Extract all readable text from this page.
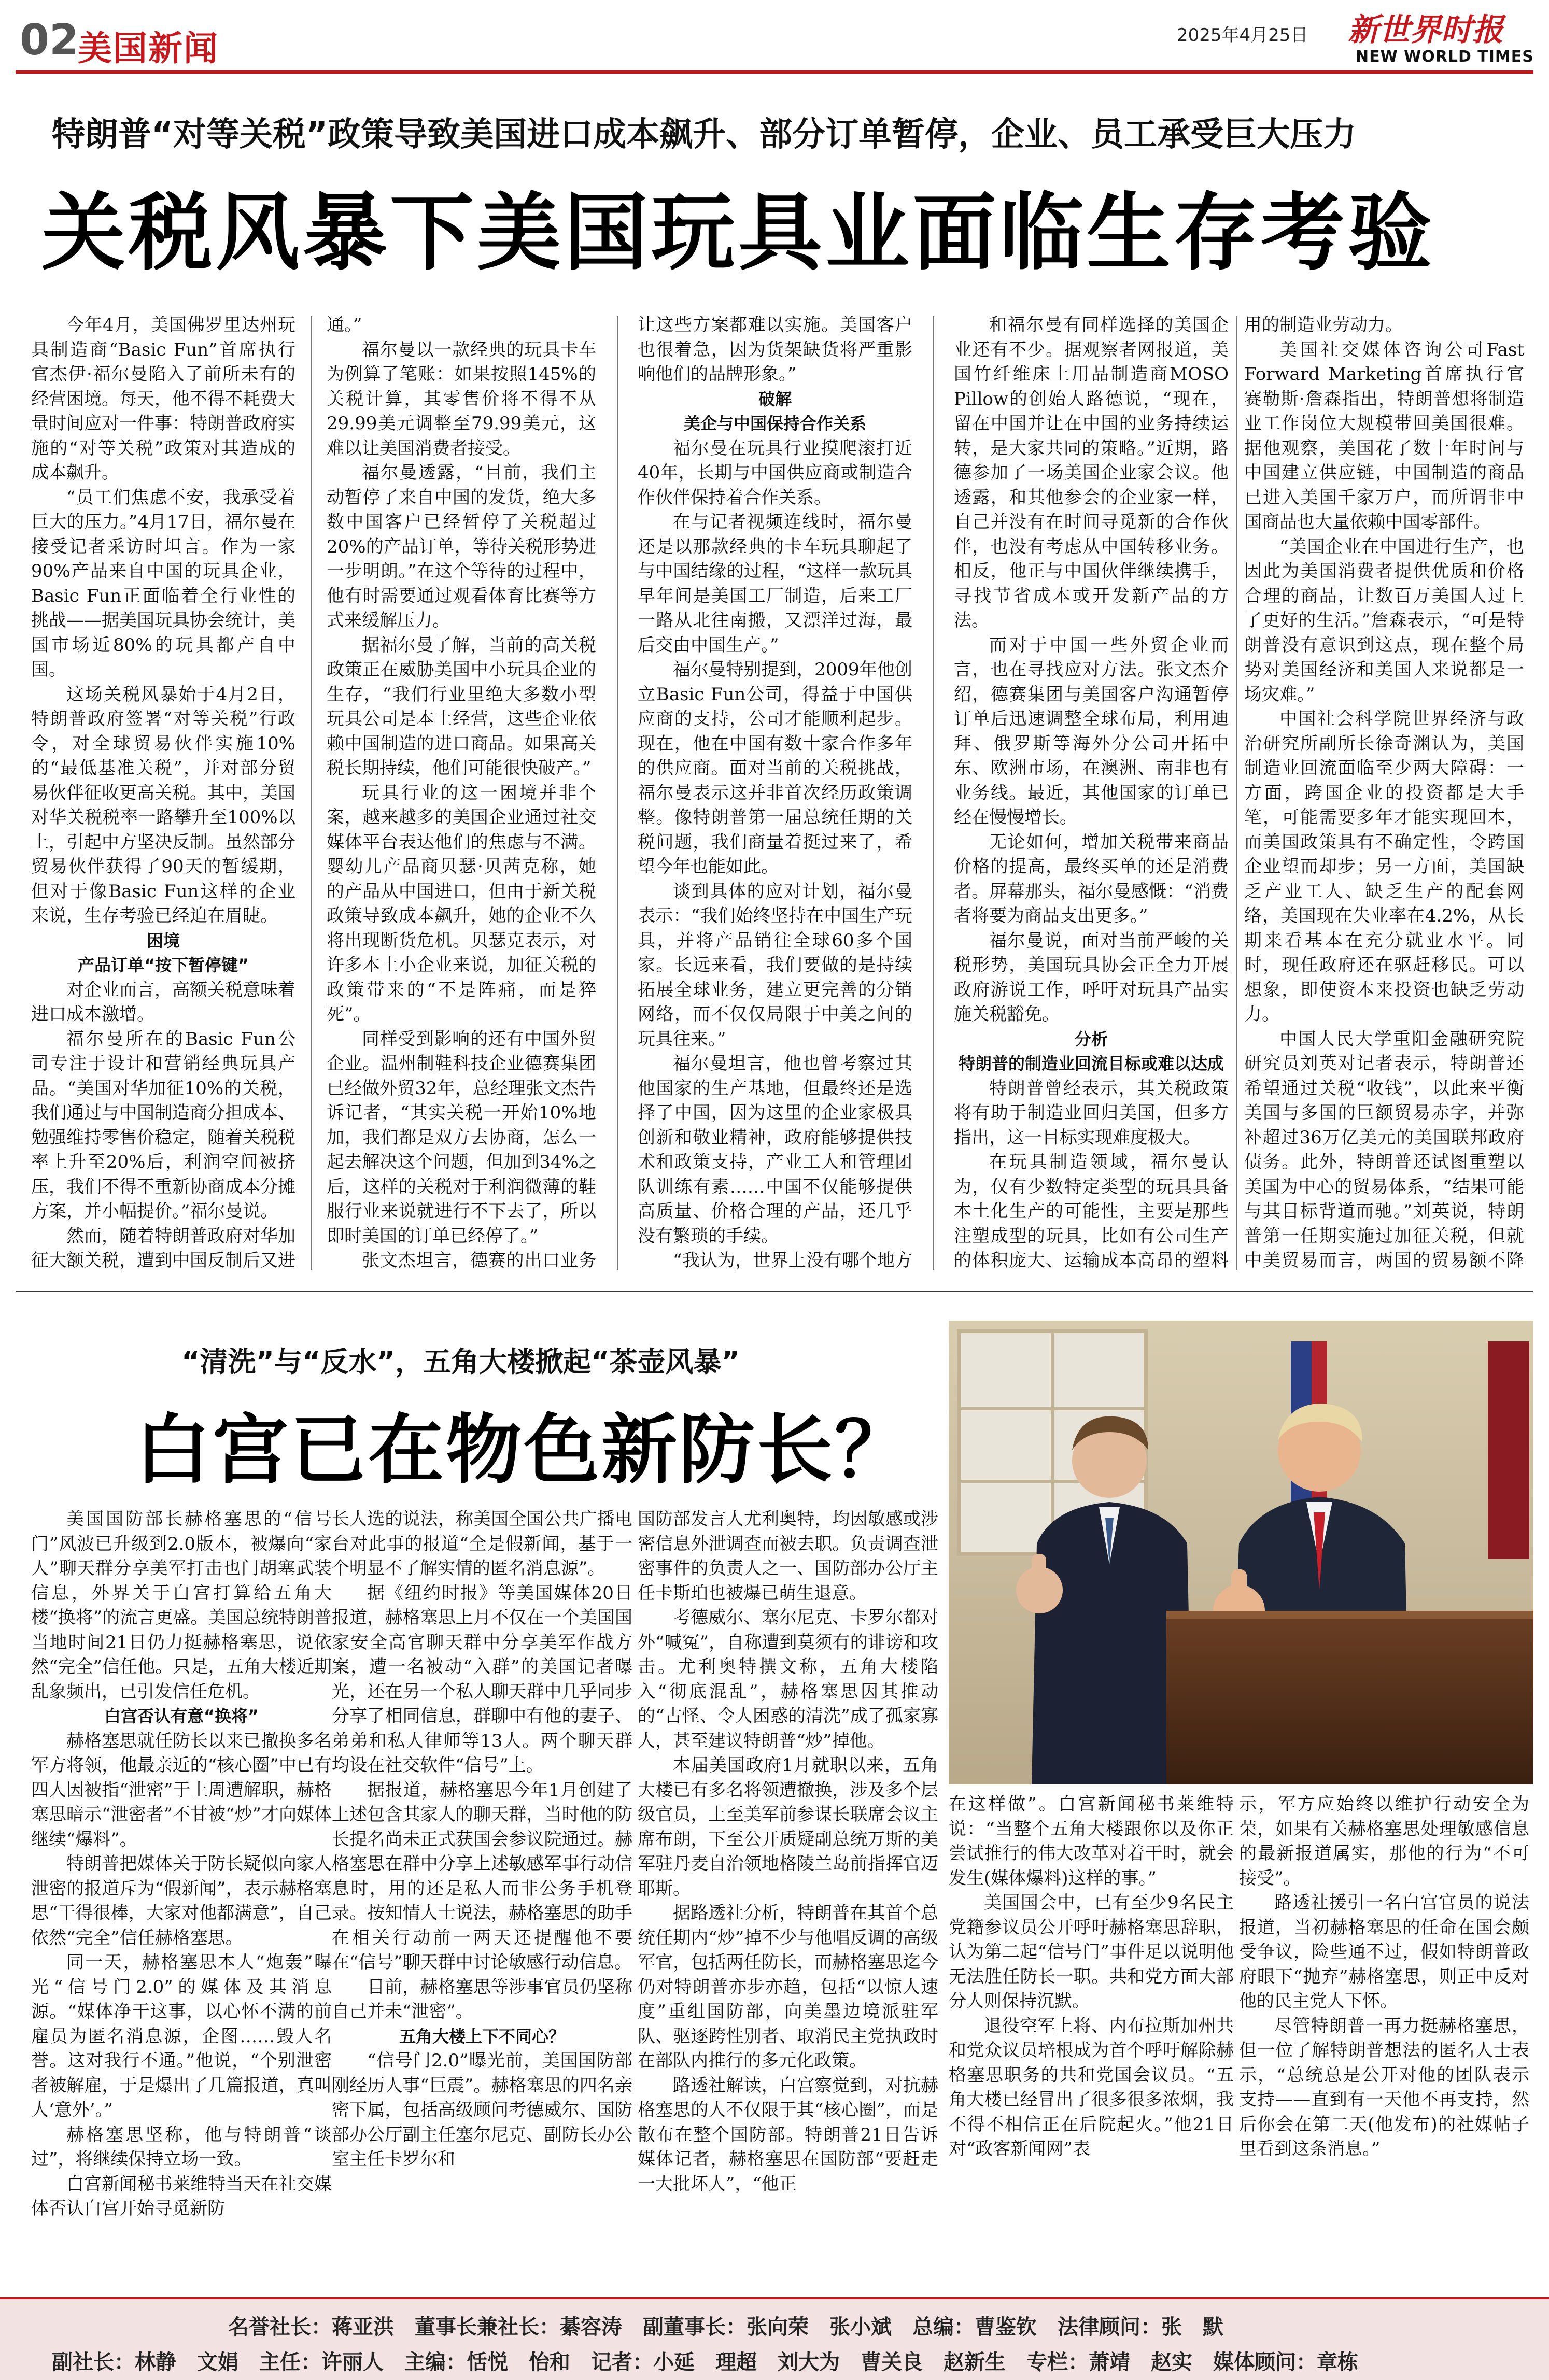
02
美国新闻	2025年4月25日 新世界时报
NEW WORLD TIMES
特朗普“对等关税”政策导致美国进口成本飙升、部分订单暂停，企业、员工承受巨大压力
关税风暴下美国玩具业面临生存考验

今年4月，美国佛罗里达州玩具制造商“Basic Fun”首席执行官杰伊·福尔曼陷入了前所未有的经营困境。每天，他不得不耗费大量时间应对一件事：特朗普政府实施的“对等关税”政策对其造成的成本飙升。

“员工们焦虑不安，我承受着巨大的压力。”4月17日，福尔曼在接受记者采访时坦言。作为一家90%产品来自中国的玩具企业，Basic Fun正面临着全行业性的挑战——据美国玩具协会统计，美国市场近80%的玩具都产自中国。

这场关税风暴始于4月2日，特朗普政府签署“对等关税”行政令，对全球贸易伙伴实施10%的“最低基准关税”，并对部分贸易伙伴征收更高关税。其中，美国对华关税税率一路攀升至100%以上，引起中方坚决反制。虽然部分贸易伙伴获得了90天的暂缓期，但对于像Basic Fun这样的企业来说，生存考验已经迫在眉睫。

困境

产品订单“按下暂停键”

对企业而言，高额关税意味着进口成本激增。

福尔曼所在的Basic Fun公司专注于设计和营销经典玩具产品。“美国对华加征10%的关税，我们通过与中国制造商分担成本、勉强维持零售价稳定，随着关税税率上升至20%后，利润空间被挤压，我们不得不重新协商成本分摊方案，并小幅提价。”福尔曼说。

然而，随着特朗普政府对华加征大额关税，遭到中国反制后又进

通。”

福尔曼以一款经典的玩具卡车为例算了笔账：如果按照145%的关税计算，其零售价将不得不从29.99美元调整至79.99美元，这难以让美国消费者接受。

福尔曼透露，“目前，我们主动暂停了来自中国的发货，绝大多数中国客户已经暂停了关税超过20%的产品订单，等待关税形势进一步明朗。”在这个等待的过程中，他有时需要通过观看体育比赛等方式来缓解压力。

据福尔曼了解，当前的高关税政策正在威胁美国中小玩具企业的生存，“我们行业里绝大多数小型玩具公司是本土经营，这些企业依赖中国制造的进口商品。如果高关税长期持续，他们可能很快破产。”

玩具行业的这一困境并非个案，越来越多的美国企业通过社交媒体平台表达他们的焦虑与不满。婴幼儿产品商贝瑟·贝茜克称，她的产品从中国进口，但由于新关税政策导致成本飙升，她的企业不久将出现断货危机。贝瑟克表示，对许多本土小企业来说，加征关税的政策带来的“不是阵痛，而是猝死”。

同样受到影响的还有中国外贸企业。温州制鞋科技企业德赛集团已经做外贸32年，总经理张文杰告诉记者，“其实关税一开始10%地加，我们都是双方去协商，怎么一起去解决这个问题，但加到34%之后，这样的关税对于利润微薄的鞋服行业来说就进行不下去了，所以即时美国的订单已经停了。”

张文杰坦言，德赛的出口业务

让这些方案都难以实施。美国客户也很着急，因为货架缺货将严重影响他们的品牌形象。”

破解

美企与中国保持合作关系

福尔曼在玩具行业摸爬滚打近40年，长期与中国供应商或制造合作伙伴保持着合作关系。

在与记者视频连线时，福尔曼还是以那款经典的卡车玩具聊起了与中国结缘的过程，“这样一款玩具早年间是美国工厂制造，后来工厂一路从北往南搬，又漂洋过海，最后交由中国生产。”

福尔曼特别提到，2009年他创立Basic Fun公司，得益于中国供应商的支持，公司才能顺利起步。现在，他在中国有数十家合作多年的供应商。面对当前的关税挑战，福尔曼表示这并非首次经历政策调整。像特朗普第一届总统任期的关税问题，我们商量着挺过来了，希望今年也能如此。

谈到具体的应对计划，福尔曼表示：“我们始终坚持在中国生产玩具，并将产品销往全球60多个国家。长远来看，我们要做的是持续拓展全球业务，建立更完善的分销网络，而不仅仅局限于中美之间的玩具往来。”

福尔曼坦言，他也曾考察过其他国家的生产基地，但最终还是选择了中国，因为这里的企业家极具创新和敬业精神，政府能够提供技术和政策支持，产业工人和管理团队训练有素……中国不仅能够提供高质量、价格合理的产品，还几乎没有繁琐的手续。

“我认为，世界上没有哪个地方

和福尔曼有同样选择的美国企业还有不少。据观察者网报道，美国竹纤维床上用品制造商MOSO Pillow的创始人路德说，“现在，留在中国并让在中国的业务持续运转，是大家共同的策略。”近期，路德参加了一场美国企业家会议。他透露，和其他参会的企业家一样，自己并没有在时间寻觅新的合作伙伴，也没有考虑从中国转移业务。相反，他正与中国伙伴继续携手，寻找节省成本或开发新产品的方法。

而对于中国一些外贸企业而言，也在寻找应对方法。张文杰介绍，德赛集团与美国客户沟通暂停订单后迅速调整全球布局，利用迪拜、俄罗斯等海外分公司开拓中东、欧洲市场，在澳洲、南非也有业务线。最近，其他国家的订单已经在慢慢增长。

无论如何，增加关税带来商品价格的提高，最终买单的还是消费者。屏幕那头，福尔曼感慨：“消费者将要为商品支出更多。”

福尔曼说，面对当前严峻的关税形势，美国玩具协会正全力开展政府游说工作，呼吁对玩具产品实施关税豁免。

分析

特朗普的制造业回流目标或难以达成

特朗普曾经表示，其关税政策将有助于制造业回归美国，但多方指出，这一目标实现难度极大。

在玩具制造领域，福尔曼认为，仅有少数特定类型的玩具具备本土化生产的可能性，主要是那些注塑成型的玩具，比如有公司生产的体积庞大、运输成本高昂的塑料

用的制造业劳动力。

美国社交媒体咨询公司Fast Forward Marketing首席执行官赛勒斯·詹森指出，特朗普想将制造业工作岗位大规模带回美国很难。据他观察，美国花了数十年时间与中国建立供应链，中国制造的商品已进入美国千家万户，而所谓非中国商品也大量依赖中国零部件。

“美国企业在中国进行生产，也因此为美国消费者提供优质和价格合理的商品，让数百万美国人过上了更好的生活。”詹森表示，“可是特朗普没有意识到这点，现在整个局势对美国经济和美国人来说都是一场灾难。”

中国社会科学院世界经济与政治研究所副所长徐奇渊认为，美国制造业回流面临至少两大障碍：一方面，跨国企业的投资都是大手笔，可能需要多年才能实现回本，而美国政策具有不确定性，令跨国企业望而却步；另一方面，美国缺乏产业工人、缺乏生产的配套网络，美国现在失业率在4.2%，从长期来看基本在充分就业水平。同时，现任政府还在驱赶移民。可以想象，即使资本来投资也缺乏劳动力。

中国人民大学重阳金融研究院研究员刘英对记者表示，特朗普还希望通过关税“收钱”，以此来平衡美国与多国的巨额贸易赤字，并弥补超过36万亿美元的美国联邦政府债务。此外，特朗普还试图重塑以美国为中心的贸易体系，“结果可能与其目标背道而驰。”刘英说，特朗普第一任期实施过加征关税，但就中美贸易而言，两国的贸易额不降

“清洗”与“反水”，五角大楼掀起“茶壶风暴”
白宫已在物色新防长？

美国国防部长赫格塞思的“信号门”风波已升级到2.0版本，被爆向“家人”聊天群分享美军打击也门胡塞武装信息，外界关于白宫打算给五角大楼“换将”的流言更盛。美国总统特朗普当地时间21日仍力挺赫格塞思，说依然“完全”信任他。只是，五角大楼近期乱象频出，已引发信任危机。

白宫否认有意“换将”

赫格塞思就任防长以来已撤换多名军方将领，他最亲近的“核心圈”中已有四人因被指“泄密”于上周遭解职，赫格塞思暗示“泄密者”不甘被“炒”才向媒体继续“爆料”。

特朗普把媒体关于防长疑似向家人泄密的报道斥为“假新闻”，表示赫格塞思“干得很棒，大家对他都满意”，自己依然“完全”信任赫格塞思。

同一天，赫格塞思本人“炮轰”曝光“信号门2.0”的媒体及其消息源。“媒体净干这事，以心怀不满的前雇员为匿名消息源，企图……毁人名誉。这对我行不通。”他说，“个别泄密者被解雇，于是爆出了几篇报道，真叫人‘意外’。”

赫格塞思坚称，他与特朗普“谈过”，将继续保持立场一致。

白宫新闻秘书莱维特当天在社交媒体否认白宫开始寻觅新防

长人选的说法，称美国全国公共广播电台对此事的报道“全是假新闻，基于一个明显不了解实情的匿名消息源”。

据《纽约时报》等美国媒体20日报道，赫格塞思上月不仅在一个美国国家安全高官聊天群中分享美军作战方案，遭一名被动“入群”的美国记者曝光，还在另一个私人聊天群中几乎同步分享了相同信息，群聊中有他的妻子、弟弟和私人律师等13人。两个聊天群均设在社交软件“信号”上。

据报道，赫格塞思今年1月创建了上述包含其家人的聊天群，当时他的防长提名尚未正式获国会参议院通过。赫格塞思在群中分享上述敏感军事行动信息时，用的还是私人而非公务手机登录。按知情人士说法，赫格塞思的助手在相关行动前一两天还提醒他不要在“信号”聊天群中讨论敏感行动信息。

目前，赫格塞思等涉事官员仍坚称自己并未“泄密”。

五角大楼上下不同心？

“信号门2.0”曝光前，美国国防部刚经历人事“巨震”。赫格塞思的四名亲密下属，包括高级顾问考德威尔、国防部办公厅副主任塞尔尼克、副防长办公室主任卡罗尔和

国防部发言人尤利奥特，均因敏感或涉密信息外泄调查而被去职。负责调查泄密事件的负责人之一、国防部办公厅主任卡斯珀也被爆已萌生退意。

考德威尔、塞尔尼克、卡罗尔都对外“喊冤”，自称遭到莫须有的诽谤和攻击。尤利奥特撰文称，五角大楼陷入“彻底混乱”，赫格塞思因其推动的“古怪、令人困惑的清洗”成了孤家寡人，甚至建议特朗普“炒”掉他。

本届美国政府1月就职以来，五角大楼已有多名将领遭撤换，涉及多个层级官员，上至美军前参谋长联席会议主席布朗，下至公开质疑副总统万斯的美军驻丹麦自治领地格陵兰岛前指挥官迈耶斯。

据路透社分析，特朗普在其首个总统任期内“炒”掉不少与他唱反调的高级军官，包括两任防长，而赫格塞思迄今仍对特朗普亦步亦趋，包括“以惊人速度”重组国防部，向美墨边境派驻军队、驱逐跨性别者、取消民主党执政时在部队内推行的多元化政策。

路透社解读，白宫察觉到，对抗赫格塞思的人不仅限于其“核心圈”，而是散布在整个国防部。特朗普21日告诉媒体记者，赫格塞思在国防部“要赶走一大批坏人”，“他正

在这样做”。白宫新闻秘书莱维特说：“当整个五角大楼跟你以及你正尝试推行的伟大改革对着干时，就会发生(媒体爆料)这样的事。”

美国国会中，已有至少9名民主党籍参议员公开呼吁赫格塞思辞职，认为第二起“信号门”事件足以说明他无法胜任防长一职。共和党方面大部分人则保持沉默。

退役空军上将、内布拉斯加州共和党众议员培根成为首个呼吁解除赫格塞思职务的共和党国会议员。“五角大楼已经冒出了很多很多浓烟，我不得不相信正在后院起火。”他21日对“政客新闻网”表

示，军方应始终以维护行动安全为荣，如果有关赫格塞思处理敏感信息的最新报道属实，那他的行为“不可接受”。

路透社援引一名白宫官员的说法报道，当初赫格塞思的任命在国会颇受争议，险些通不过，假如特朗普政府眼下“抛弃”赫格塞思，则正中反对他的民主党人下怀。

尽管特朗普一再力挺赫格塞思，但一位了解特朗普想法的匿名人士表示，“总统总是公开对他的团队表示支持——直到有一天他不再支持，然后你会在第二天(他发布)的社媒帖子里看到这条消息。”

名誉社长：蒋亚洪　董事长兼社长：綦容涛　副董事长：张向荣　张小斌　总编：曹鉴钦　法律顾问：张　默
副社长：林静　文娟　主任：许丽人　主编：恬悦　怡和　记者：小延　理超　刘大为　曹关良　赵新生　专栏：萧靖　赵实　媒体顾问：章栋
